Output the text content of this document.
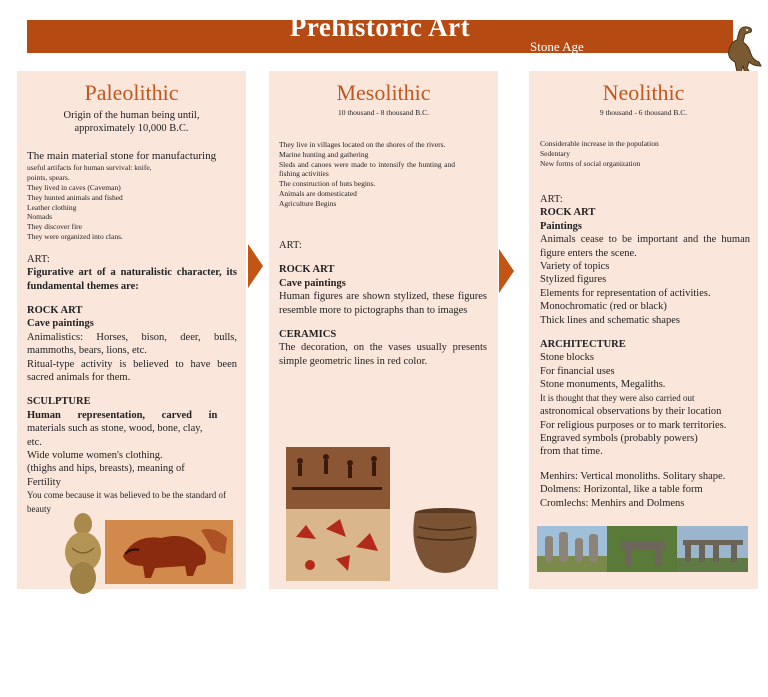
Prehistoric Art
Stone Age
Paleolithic

Origin of the human being until,

approximately 10,000 B.C.

The main material stone for manufacturing

useful artifacts for human survival: knife,

points, spears.

They lived in caves (Caveman)

They hunted animals and fished

Leather clothing

Nomads

They discover fire

They were organized into clans.

ART:

Figurative art of a naturalistic character, its fundamental themes are:

ROCK ART

Cave paintings

Animalistics: Horses, bison, deer, bulls, mammoths, bears, lions, etc.

Ritual-type activity is believed to have been sacred animals for them.

SCULPTURE

Human representation, carved in

materials such as stone, wood, bone, clay,

etc.

Wide volume women's clothing.

(thighs and hips, breasts), meaning of

Fertility

You come because it was believed to be the standard of

beauty

Mesolithic

10 thousand - 8 thousand B.C.

They live in villages located on the shores of the rivers.

Marine hunting and gathering

Sleds and canoes were made to intensify the hunting and fishing activities

The construction of huts begins.

Animals are domesticated

Agriculture Begins

ART:

ROCK ART

Cave paintings

Human figures are shown stylized, these figures resemble more to pictographs than to images

CERAMICS

The decoration, on the vases usually presents simple geometric lines in red color.

Neolithic

9 thousand - 6 thousand B.C.

Considerable increase in the population

Sedentary

New forms of social organization

ART:

ROCK ART

Paintings

Animals cease to be important and the human figure enters the scene.

Variety of topics

Stylized figures

Elements for representation of activities.

Monochromatic (red or black)

Thick lines and schematic shapes

ARCHITECTURE

Stone blocks

For financial uses

Stone monuments, Megaliths.

It is thought that they were also carried out

astronomical observations by their location

For religious purposes or to mark territories.

Engraved symbols (probably powers)

from that time.

Menhirs: Vertical monoliths. Solitary shape.

Dolmens: Horizontal, like a table form

Cromlechs: Menhirs and Dolmens
